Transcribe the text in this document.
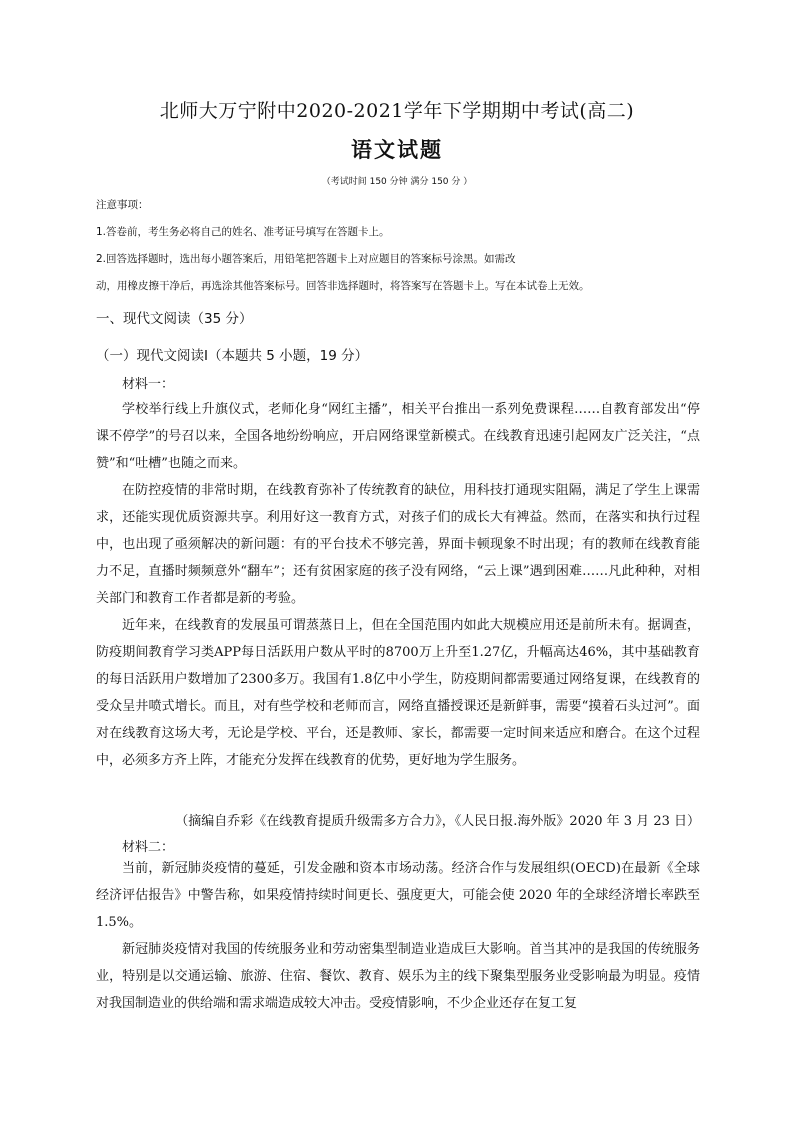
北师大万宁附中2020-2021学年下学期期中考试(高二)
语文试题
（考试时间 150 分钟 满分 150 分 ）
注意事项：
1.答卷前，考生务必将自己的姓名、准考证号填写在答题卡上。
2.回答选择题时，选出每小题答案后，用铅笔把答题卡上对应题目的答案标号涂黑。如需改
动，用橡皮擦干净后，再选涂其他答案标号。回答非选择题时，将答案写在答题卡上。写在本试卷上无效。
一、现代文阅读（35 分）
（一）现代文阅读Ⅰ（本题共 5 小题，19 分）
材料一：

学校举行线上升旗仪式，老师化身“网红主播”，相关平台推出一系列免费课程……自教育部发出“停课不停学”的号召以来，全国各地纷纷响应，开启网络课堂新模式。在线教育迅速引起网友广泛关注，“点赞”和“吐槽”也随之而来。

在防控疫情的非常时期，在线教育弥补了传统教育的缺位，用科技打通现实阻隔，满足了学生上课需求，还能实现优质资源共享。利用好这一教育方式，对孩子们的成长大有裨益。然而，在落实和执行过程中，也出现了亟须解决的新问题：有的平台技术不够完善，界面卡顿现象不时出现；有的教师在线教育能力不足，直播时频频意外“翻车”；还有贫困家庭的孩子没有网络，“云上课”遇到困难……凡此种种，对相关部门和教育工作者都是新的考验。

近年来，在线教育的发展虽可谓蒸蒸日上，但在全国范围内如此大规模应用还是前所未有。据调查，防疫期间教育学习类APP每日活跃用户数从平时的8700万上升至1.27亿，升幅高达46%，其中基础教育的每日活跃用户数增加了2300多万。我国有1.8亿中小学生，防疫期间都需要通过网络复课，在线教育的受众呈井喷式增长。而且，对有些学校和老师而言，网络直播授课还是新鲜事，需要“摸着石头过河”。面对在线教育这场大考，无论是学校、平台，还是教师、家长，都需要一定时间来适应和磨合。在这个过程中，必须多方齐上阵，才能充分发挥在线教育的优势，更好地为学生服务。

（摘编自乔彩《在线教育提质升级需多方合力》，《人民日报.海外版》2020 年 3 月 23 日）
材料二：

当前，新冠肺炎疫情的蔓延，引发金融和资本市场动荡。经济合作与发展组织(OECD)在最新《全球经济评估报告》中警告称，如果疫情持续时间更长、强度更大，可能会使 2020 年的全球经济增长率跌至 1.5%。

新冠肺炎疫情对我国的传统服务业和劳动密集型制造业造成巨大影响。首当其冲的是我国的传统服务业，特别是以交通运输、旅游、住宿、餐饮、教育、娱乐为主的线下聚集型服务业受影响最为明显。疫情对我国制造业的供给端和需求端造成较大冲击。受疫情影响，不少企业还存在复工复
